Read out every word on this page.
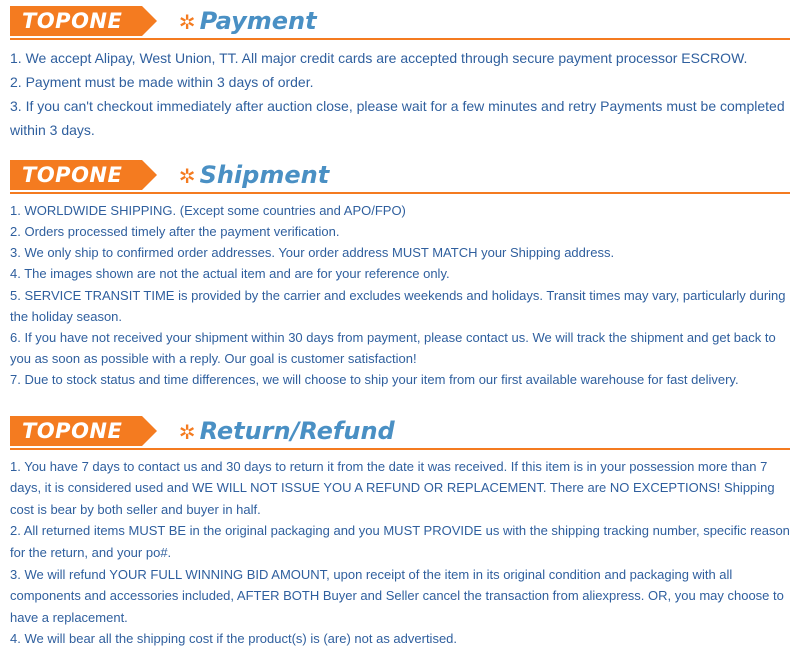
TOPONE	✲ Payment

1. We accept Alipay, West Union, TT. All major credit cards are accepted through secure payment processor ESCROW.

2. Payment must be made within 3 days of order.

3. If you can't checkout immediately after auction close, please wait for a few minutes and retry Payments must be completed within 3 days.

TOPONE	✲ Shipment

1. WORLDWIDE SHIPPING. (Except some countries and APO/FPO)

2. Orders processed timely after the payment verification.

3. We only ship to confirmed order addresses. Your order address MUST MATCH your Shipping address.

4. The images shown are not the actual item and are for your reference only.

5. SERVICE TRANSIT TIME is provided by the carrier and excludes weekends and holidays. Transit times may vary, particularly during the holiday season.

6. If you have not received your shipment within 30 days from payment, please contact us. We will track the shipment and get back to you as soon as possible with a reply. Our goal is customer satisfaction!

7. Due to stock status and time differences, we will choose to ship your item from our first available warehouse for fast delivery.

TOPONE	✲ Return/Refund

1. You have 7 days to contact us and 30 days to return it from the date it was received. If this item is in your possession more than 7 days, it is considered used and WE WILL NOT ISSUE YOU A REFUND OR REPLACEMENT. There are NO EXCEPTIONS! Shipping cost is bear by both seller and buyer in half.

2. All returned items MUST BE in the original packaging and you MUST PROVIDE us with the shipping tracking number, specific reason for the return, and your po#.

3. We will refund YOUR FULL WINNING BID AMOUNT, upon receipt of the item in its original condition and packaging with all components and accessories included, AFTER BOTH Buyer and Seller cancel the transaction from aliexpress. OR, you may choose to have a replacement.

4. We will bear all the shipping cost if the product(s) is (are) not as advertised.
